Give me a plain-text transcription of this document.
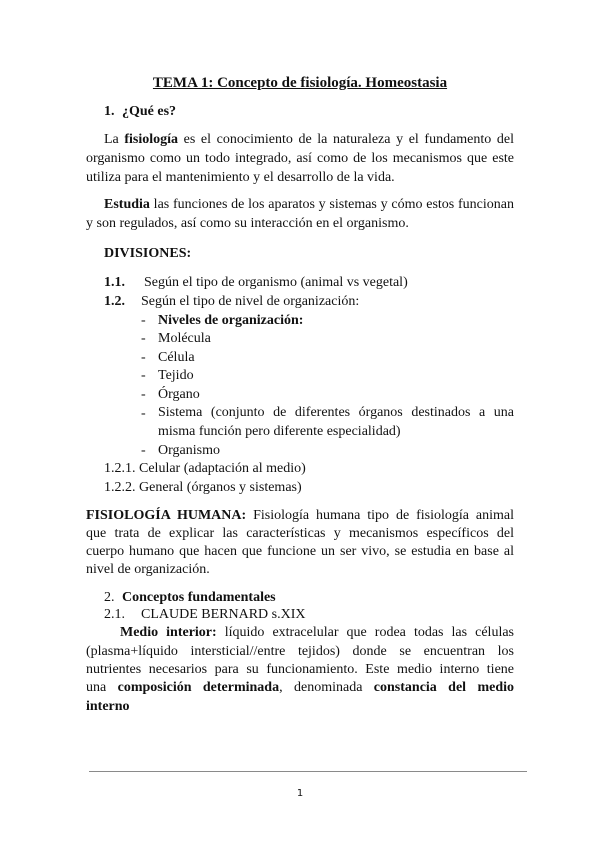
TEMA 1: Concepto de fisiología. Homeostasia
1. ¿Qué es?
La fisiología es el conocimiento de la naturaleza y el fundamento del
organismo como un todo integrado, así como de los mecanismos que este
utiliza para el mantenimiento y el desarrollo de la vida.
Estudia las funciones de los aparatos y sistemas y cómo estos funcionan
y son regulados, así como su interacción en el organismo.
DIVISIONES:
1.1. Según el tipo de organismo (animal vs vegetal)
1.2. Según el tipo de nivel de organización:
- Niveles de organización:
- Molécula
- Célula
- Tejido
- Órgano
- Sistema (conjunto de diferentes órganos destinados a una
misma función pero diferente especialidad)
- Organismo
1.2.1. Celular (adaptación al medio)
1.2.2. General (órganos y sistemas)
FISIOLOGÍA HUMANA: Fisiología humana tipo de fisiología animal
que trata de explicar las características y mecanismos específicos del
cuerpo humano que hacen que funcione un ser vivo, se estudia en base al
nivel de organización.
2. Conceptos fundamentales
2.1. CLAUDE BERNARD s.XIX
Medio interior: líquido extracelular que rodea todas las células
(plasma+líquido intersticial//entre tejidos) donde se encuentran los
nutrientes necesarios para su funcionamiento. Este medio interno tiene
una composición determinada, denominada constancia del medio
interno
1
